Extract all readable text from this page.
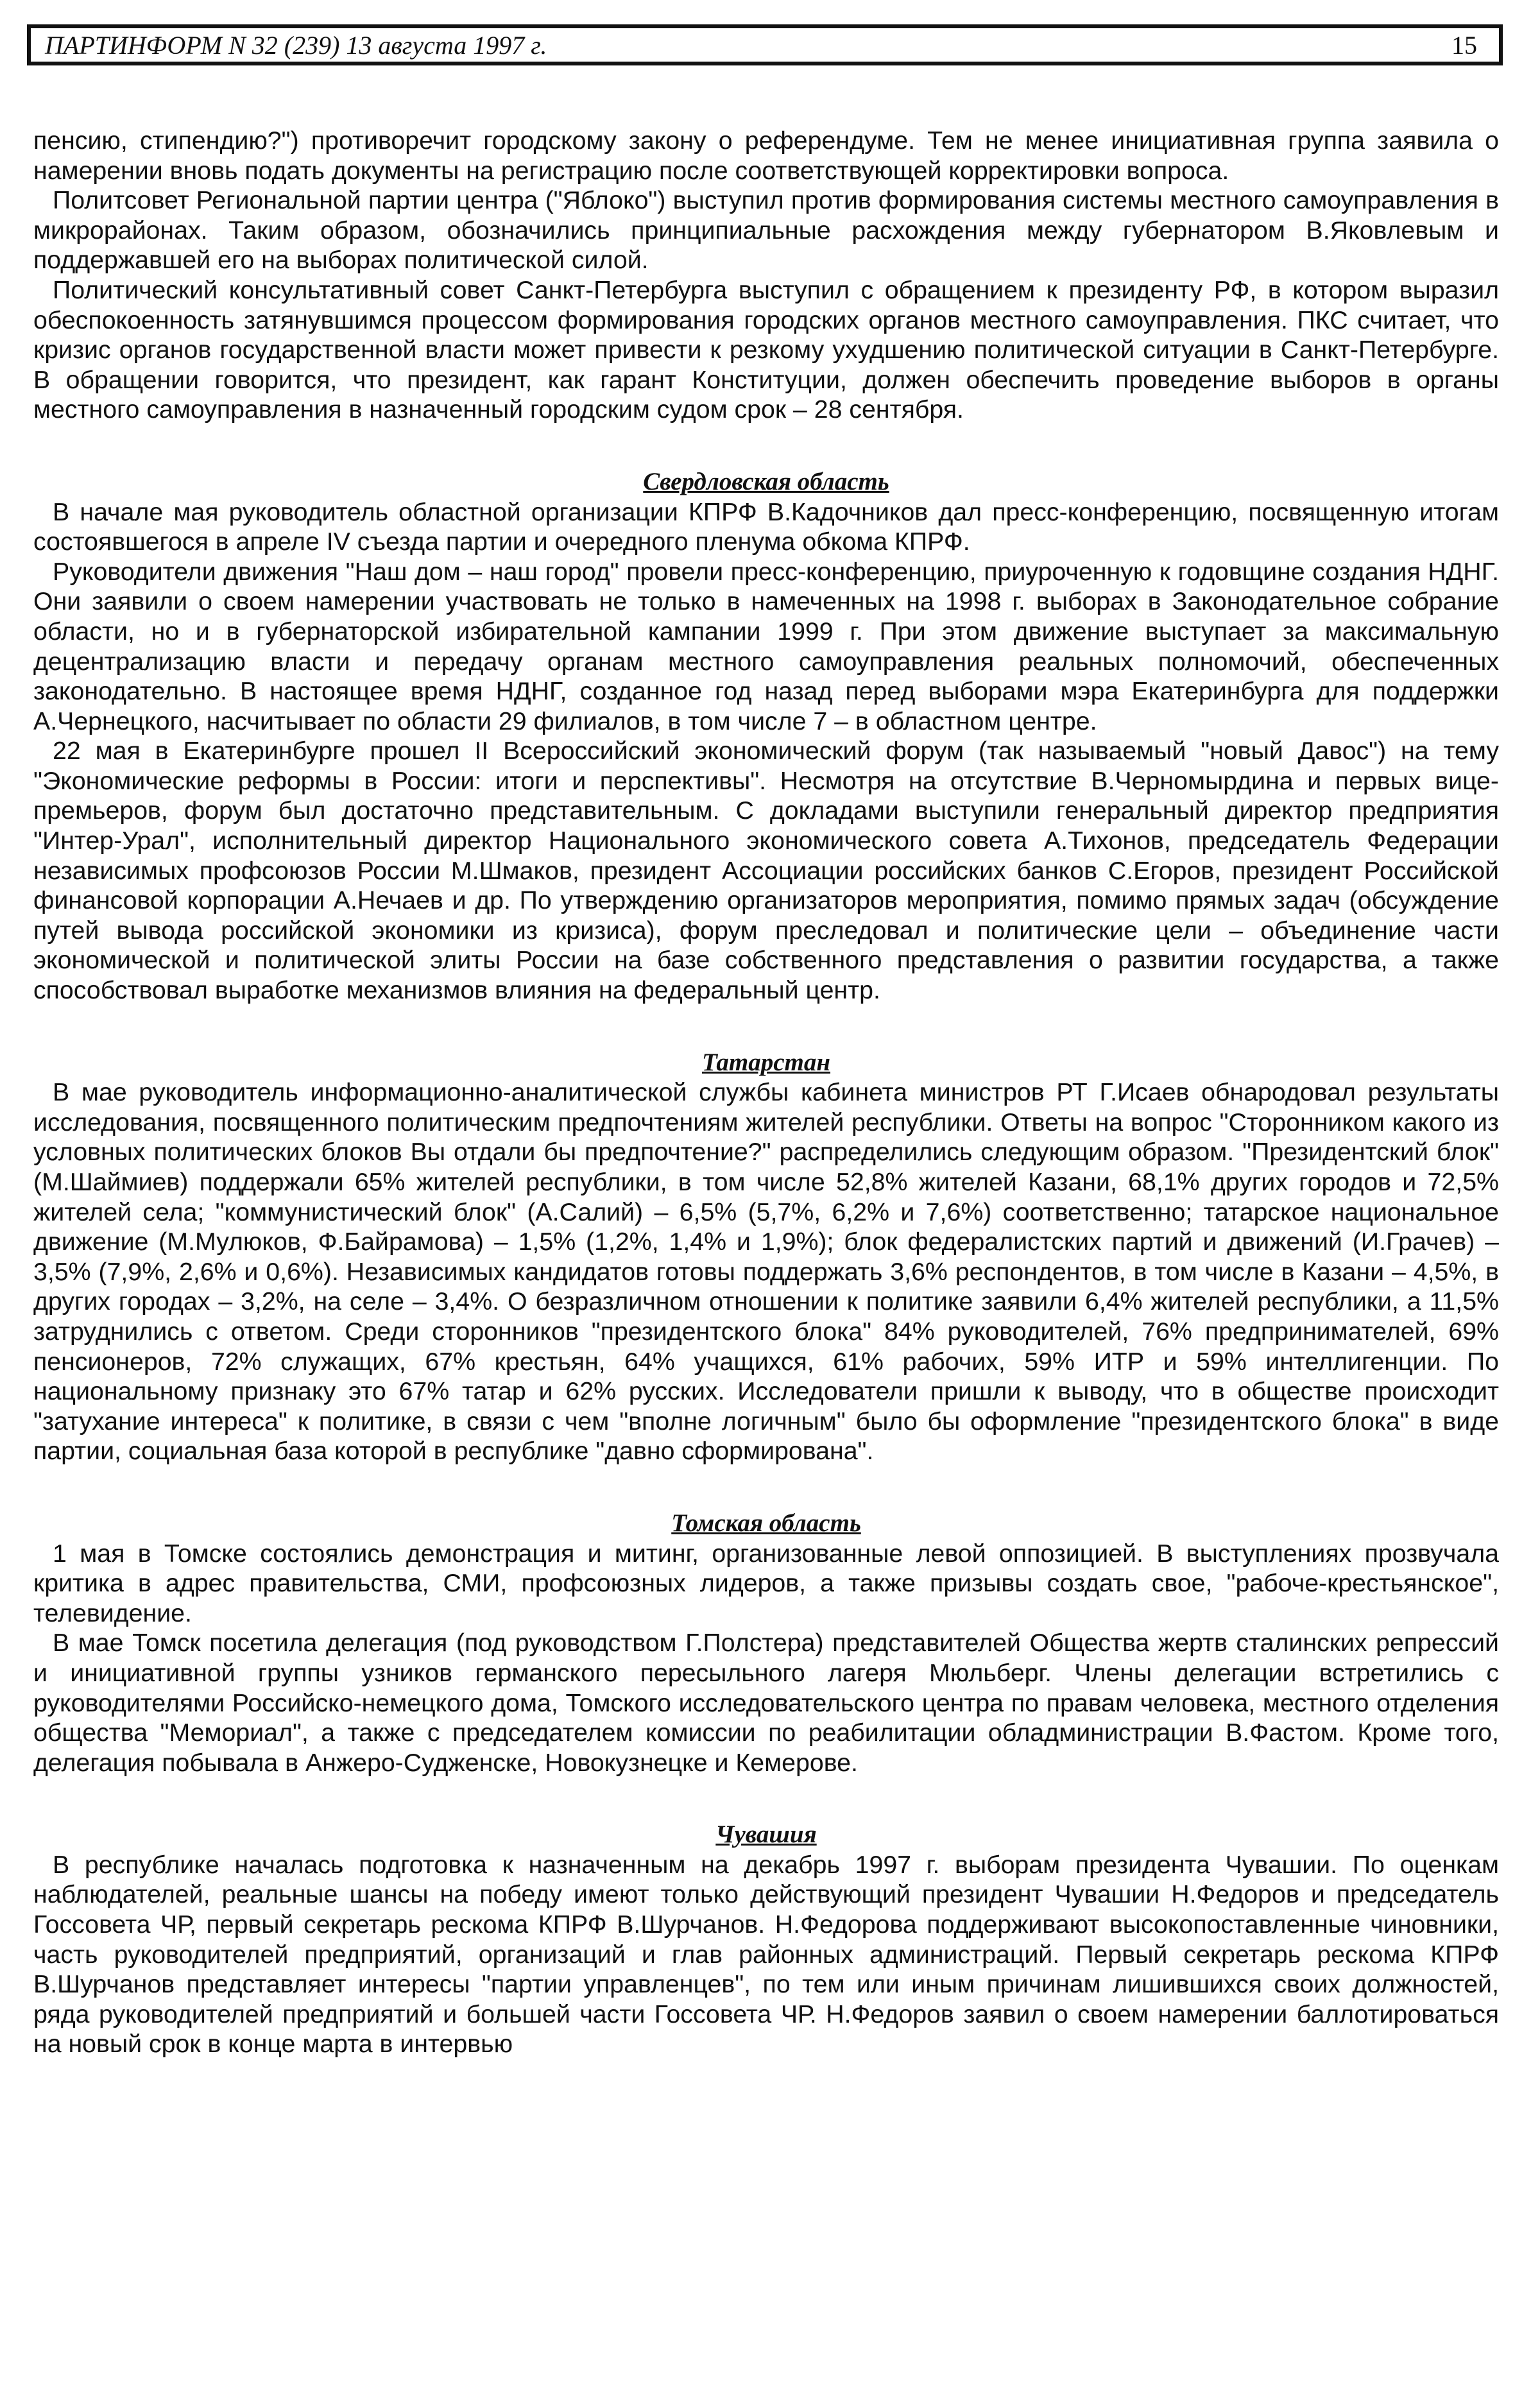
ПАРТИНФОРМ N 32 (239) 13 августа 1997 г.	15

пенсию, стипендию?") противоречит городскому закону о референдуме. Тем не менее инициативная группа заявила о намерении вновь подать документы на регистрацию после соответствующей корректировки вопроса.

Политсовет Региональной партии центра ("Яблоко") выступил против формирования системы местного самоуправления в микрорайонах. Таким образом, обозначились принципиальные расхождения между губернатором В.Яковлевым и поддержавшей его на выборах политической силой.

Политический консультативный совет Санкт-Петербурга выступил с обращением к президенту РФ, в котором выразил обеспокоенность затянувшимся процессом формирования городских органов местного самоуправления. ПКС считает, что кризис органов государственной власти может привести к резкому ухудшению политической ситуации в Санкт-Петербурге. В обращении говорится, что президент, как гарант Конституции, должен обеспечить проведение выборов в органы местного самоуправления в назначенный городским судом срок – 28 сентября.

Свердловская область

В начале мая руководитель областной организации КПРФ В.Кадочников дал пресс-конференцию, посвященную итогам состоявшегося в апреле IV съезда партии и очередного пленума обкома КПРФ.

Руководители движения "Наш дом – наш город" провели пресс-конференцию, приуроченную к годовщине создания НДНГ. Они заявили о своем намерении участвовать не только в намеченных на 1998 г. выборах в Законодательное собрание области, но и в губернаторской избирательной кампании 1999 г. При этом движение выступает за максимальную децентрализацию власти и передачу органам местного самоуправления реальных полномочий, обеспеченных законодательно. В настоящее время НДНГ, созданное год назад перед выборами мэра Екатеринбурга для поддержки А.Чернецкого, насчитывает по области 29 филиалов, в том числе 7 – в областном центре.

22 мая в Екатеринбурге прошел II Всероссийский экономический форум (так называемый "новый Давос") на тему "Экономические реформы в России: итоги и перспективы". Несмотря на отсутствие В.Черномырдина и первых вице-премьеров, форум был достаточно представительным. С докладами выступили генеральный директор предприятия "Интер-Урал", исполнительный директор Национального экономического совета А.Тихонов, председатель Федерации независимых профсоюзов России М.Шмаков, президент Ассоциации российских банков С.Егоров, президент Российской финансовой корпорации А.Нечаев и др. По утверждению организаторов мероприятия, помимо прямых задач (обсуждение путей вывода российской экономики из кризиса), форум преследовал и политические цели – объединение части экономической и политической элиты России на базе собственного представления о развитии государства, а также способствовал выработке механизмов влияния на федеральный центр.

Татарстан

В мае руководитель информационно-аналитической службы кабинета министров РТ Г.Исаев обнародовал результаты исследования, посвященного политическим предпочтениям жителей республики. Ответы на вопрос "Сторонником какого из условных политических блоков Вы отдали бы предпочтение?" распределились следующим образом. "Президентский блок" (М.Шаймиев) поддержали 65% жителей республики, в том числе 52,8% жителей Казани, 68,1% других городов и 72,5% жителей села; "коммунистический блок" (А.Салий) – 6,5% (5,7%, 6,2% и 7,6%) соответственно; татарское национальное движение (М.Мулюков, Ф.Байрамова) – 1,5% (1,2%, 1,4% и 1,9%); блок федералистских партий и движений (И.Грачев) – 3,5% (7,9%, 2,6% и 0,6%). Независимых кандидатов готовы поддержать 3,6% респондентов, в том числе в Казани – 4,5%, в других городах – 3,2%, на селе – 3,4%. О безразличном отношении к политике заявили 6,4% жителей республики, а 11,5% затруднились с ответом. Среди сторонников "президентского блока" 84% руководителей, 76% предпринимателей, 69% пенсионеров, 72% служащих, 67% крестьян, 64% учащихся, 61% рабочих, 59% ИТР и 59% интеллигенции. По национальному признаку это 67% татар и 62% русских. Исследователи пришли к выводу, что в обществе происходит "затухание интереса" к политике, в связи с чем "вполне логичным" было бы оформление "президентского блока" в виде партии, социальная база которой в республике "давно сформирована".

Томская область

1 мая в Томске состоялись демонстрация и митинг, организованные левой оппозицией. В выступлениях прозвучала критика в адрес правительства, СМИ, профсоюзных лидеров, а также призывы создать свое, "рабоче-крестьянское", телевидение.

В мае Томск посетила делегация (под руководством Г.Полстера) представителей Общества жертв сталинских репрессий и инициативной группы узников германского пересыльного лагеря Мюльберг. Члены делегации встретились с руководителями Российско-немецкого дома, Томского исследовательского центра по правам человека, местного отделения общества "Мемориал", а также с председателем комиссии по реабилитации обладминистрации В.Фастом. Кроме того, делегация побывала в Анжеро-Судженске, Новокузнецке и Кемерове.

Чувашия

В республике началась подготовка к назначенным на декабрь 1997 г. выборам президента Чувашии. По оценкам наблюдателей, реальные шансы на победу имеют только действующий президент Чувашии Н.Федоров и председатель Госсовета ЧР, первый секретарь рескома КПРФ В.Шурчанов. Н.Федорова поддерживают высокопоставленные чиновники, часть руководителей предприятий, организаций и глав районных администраций. Первый секретарь рескома КПРФ В.Шурчанов представляет интересы "партии управленцев", по тем или иным причинам лишившихся своих должностей, ряда руководителей предприятий и большей части Госсовета ЧР. Н.Федоров заявил о своем намерении баллотироваться на новый срок в конце марта в интервью
